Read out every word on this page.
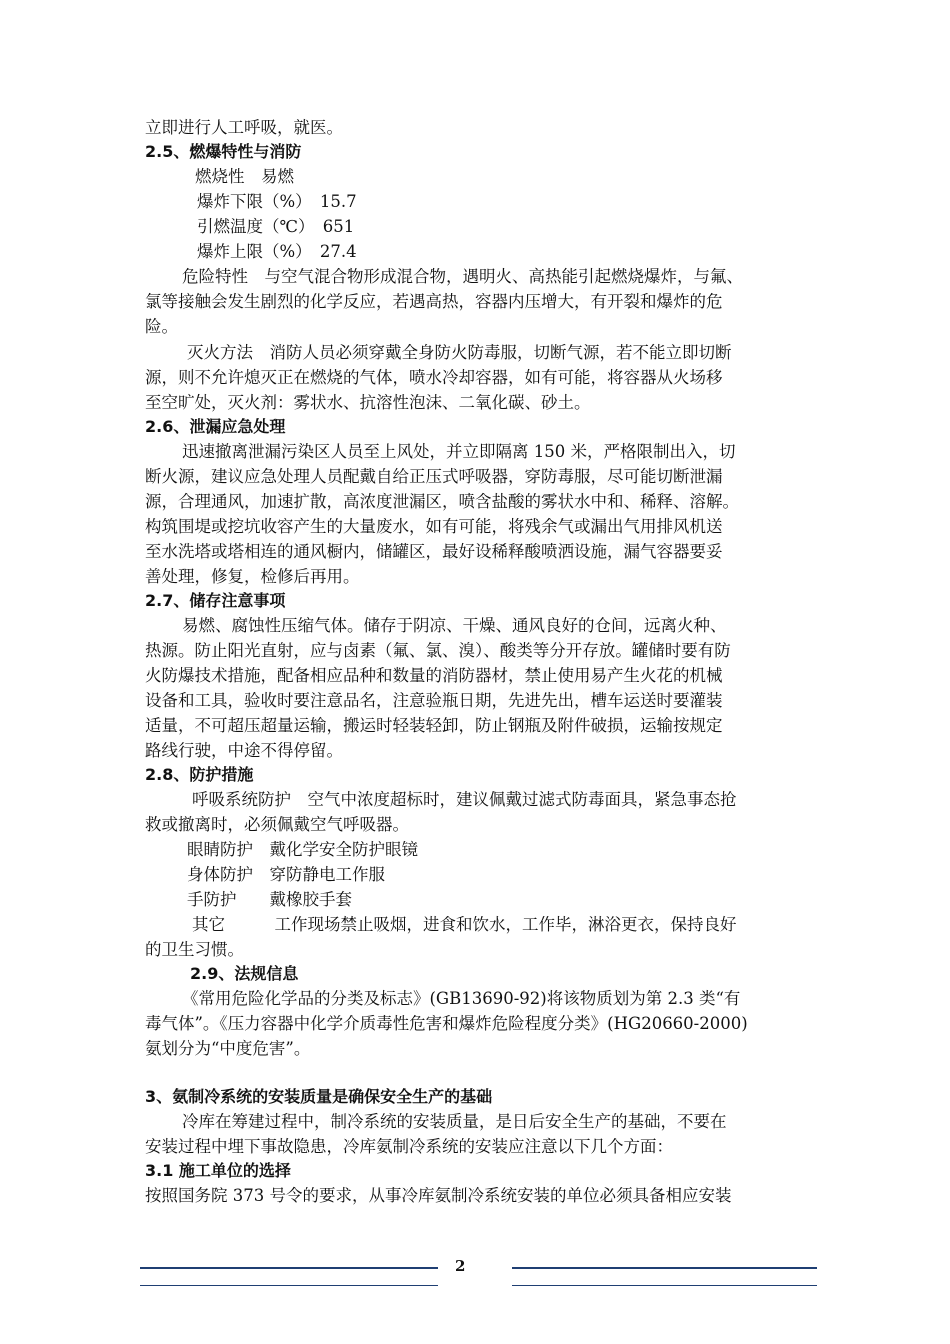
立即进行人工呼吸，就医。
2.5、燃爆特性与消防
燃烧性　易燃
爆炸下限（%）　15.7
引燃温度（℃）　651
爆炸上限（%）　27.4
危险特性　与空气混合物形成混合物，遇明火、高热能引起燃烧爆炸，与氟、
氯等接触会发生剧烈的化学反应，若遇高热，容器内压增大，有开裂和爆炸的危
险。
灭火方法　消防人员必须穿戴全身防火防毒服，切断气源，若不能立即切断
源，则不允许熄灭正在燃烧的气体，喷水冷却容器，如有可能，将容器从火场移
至空旷处，灭火剂：雾状水、抗溶性泡沫、二氧化碳、砂土。
2.6、泄漏应急处理
迅速撤离泄漏污染区人员至上风处，并立即隔离 150 米，严格限制出入，切
断火源，建议应急处理人员配戴自给正压式呼吸器，穿防毒服，尽可能切断泄漏
源，合理通风，加速扩散，高浓度泄漏区，喷含盐酸的雾状水中和、稀释、溶解。
构筑围堤或挖坑收容产生的大量废水，如有可能，将残余气或漏出气用排风机送
至水洗塔或塔相连的通风橱内，储罐区，最好设稀释酸喷洒设施，漏气容器要妥
善处理，修复，检修后再用。
2.7、储存注意事项
易燃、腐蚀性压缩气体。储存于阴凉、干燥、通风良好的仓间，远离火种、
热源。防止阳光直射，应与卤素（氟、氯、溴）、酸类等分开存放。罐储时要有防
火防爆技术措施，配备相应品种和数量的消防器材，禁止使用易产生火花的机械
设备和工具，验收时要注意品名，注意验瓶日期，先进先出，槽车运送时要灌装
适量，不可超压超量运输，搬运时轻装轻卸，防止钢瓶及附件破损，运输按规定
路线行驶，中途不得停留。
2.8、防护措施
呼吸系统防护　空气中浓度超标时，建议佩戴过滤式防毒面具，紧急事态抢
救或撤离时，必须佩戴空气呼吸器。
眼睛防护　戴化学安全防护眼镜
身体防护　穿防静电工作服
手防护　　戴橡胶手套
其它　　　工作现场禁止吸烟，进食和饮水，工作毕，淋浴更衣，保持良好
的卫生习惯。
2.9、法规信息
《常用危险化学品的分类及标志》(GB13690-92)将该物质划为第 2.3 类“有
毒气体”。《压力容器中化学介质毒性危害和爆炸危险程度分类》(HG20660-2000)
氨划分为“中度危害”。
3、氨制冷系统的安装质量是确保安全生产的基础
冷库在筹建过程中，制冷系统的安装质量，是日后安全生产的基础，不要在
安装过程中埋下事故隐患，冷库氨制冷系统的安装应注意以下几个方面：
3.1 施工单位的选择
按照国务院 373 号令的要求，从事冷库氨制冷系统安装的单位必须具备相应安装
2
